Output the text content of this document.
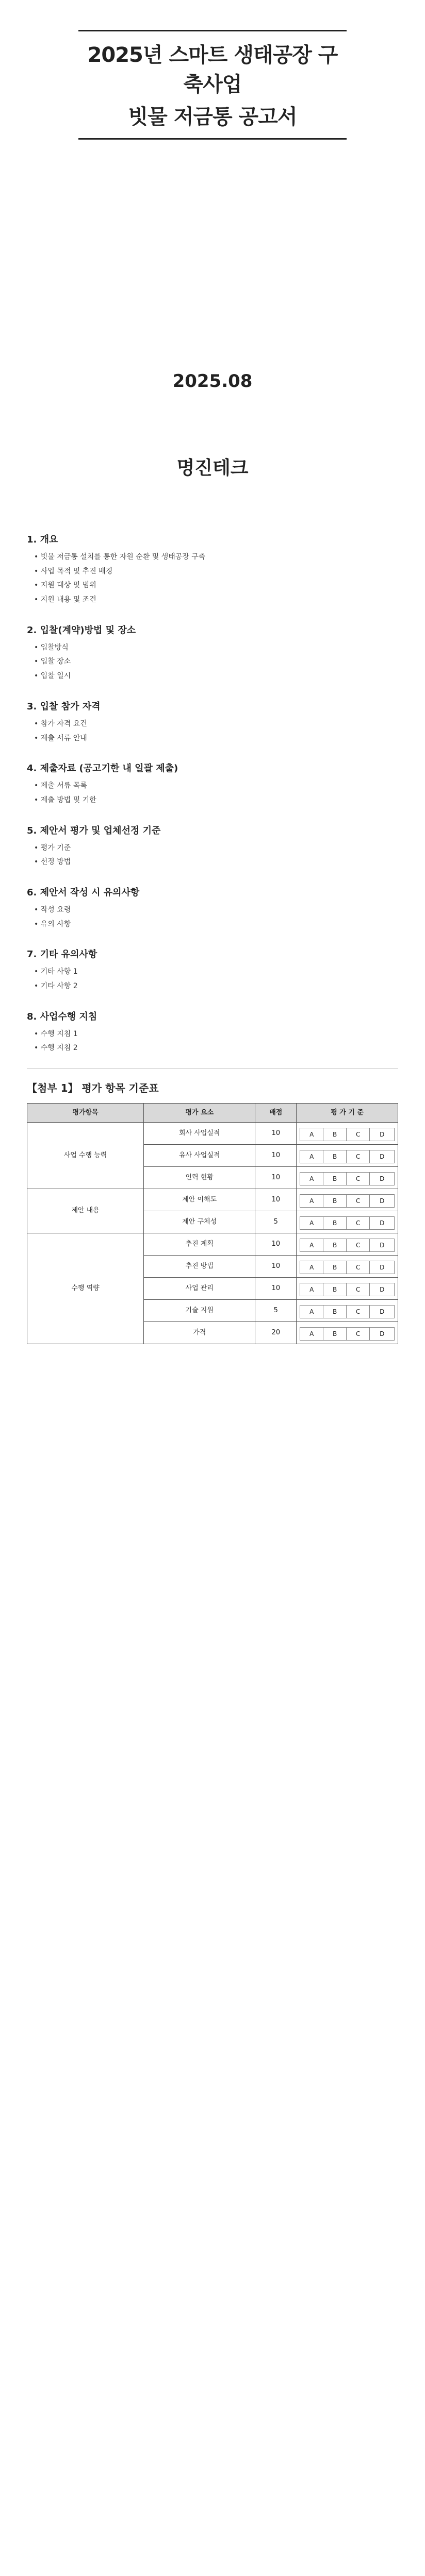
2025년 스마트 생태공장 구축사업
빗물 저금통 공고서
2025.08
명진테크
1. 개요
• 빗물 저금통 설치를 통한 자원 순환 및 생태공장 구축
• 사업 목적 및 추진 배경
• 지원 대상 및 범위
• 지원 내용 및 조건
2. 입찰(계약)방법 및 장소
• 입찰방식
• 입찰 장소
• 입찰 일시
3. 입찰 참가 자격
• 참가 자격 요건
• 제출 서류 안내
4. 제출자료 (공고기한 내 일괄 제출)
• 제출 서류 목록
• 제출 방법 및 기한
5. 제안서 평가 및 업체선정 기준
• 평가 기준
• 선정 방법
6. 제안서 작성 시 유의사항
• 작성 요령
• 유의 사항
7. 기타 유의사항
• 기타 사항 1
• 기타 사항 2
8. 사업수행 지침
• 수행 지침 1
• 수행 지침 2
【첨부 1】 평가 항목 기준표
평가항목	평가 요소	배점	평 가 기 준
사업 수행 능력	회사 사업실적	10		A	B	C	D

유사 사업실적	10		A	B	C	D

인력 현황	10		A	B	C	D

제안 내용	제안 이해도	10		A	B	C	D

제안 구체성	5		A	B	C	D

수행 역량	추진 계획	10		A	B	C	D

추진 방법	10		A	B	C	D

사업 관리	10		A	B	C	D

기술 지원	5		A	B	C	D

가격	20		A	B	C	D
